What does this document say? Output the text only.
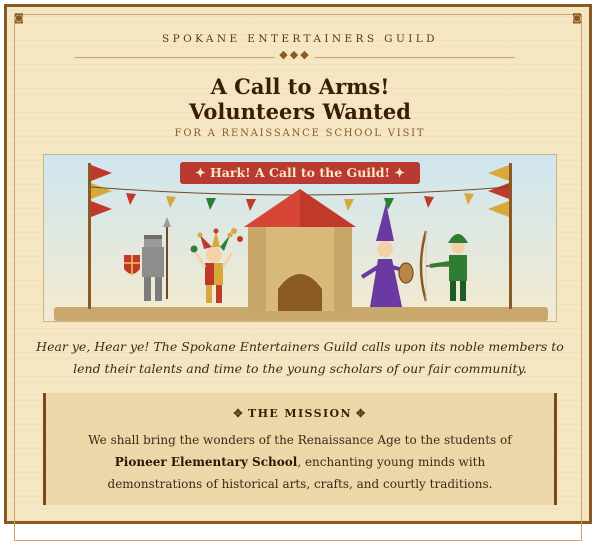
◙	◙
SPOKANE ENTERTAINERS GUILD
◆◆◆
A Call to Arms!
Volunteers Wanted
FOR A RENAISSANCE SCHOOL VISIT
✦ Hark! A Call to the Guild! ✦
Hear ye, Hear ye! The Spokane Entertainers Guild calls upon its noble members to lend their talents and time to the young scholars of our fair community.
✥ THE MISSION ✥
We shall bring the wonders of the Renaissance Age to the students of Pioneer Elementary School, enchanting young minds with demonstrations of historical arts, crafts, and courtly traditions.
